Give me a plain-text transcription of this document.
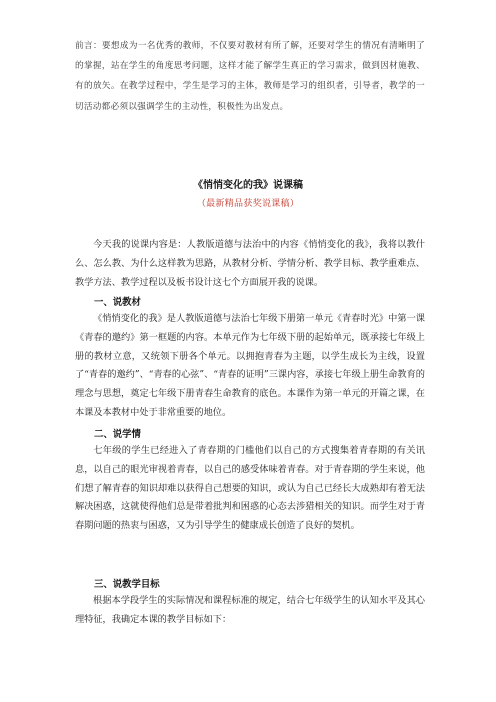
前言：要想成为一名优秀的教师，不仅要对教材有所了解，还要对学生的情况有清晰明了的掌握，站在学生的角度思考问题，这样才能了解学生真正的学习需求，做到因材施教、有的放矢。在教学过程中，学生是学习的主体，教师是学习的组织者，引导者，教学的一切活动都必须以强调学生的主动性，积极性为出发点。
《悄悄变化的我》说课稿
（最新精品获奖说课稿）
今天我的说课内容是：人教版道德与法治中的内容《悄悄变化的我》，我将以教什么、怎么教、为什么这样教为思路，从教材分析、学情分析、教学目标、教学重难点、教学方法、教学过程以及板书设计这七个方面展开我的说课。
一、说教材
《悄悄变化的我》是人教版道德与法治七年级下册第一单元《青春时光》中第一课《青春的邀约》第一框题的内容。本单元作为七年级下册的起始单元，既承接七年级上册的教材立意，又统领下册各个单元。以拥抱青春为主题，以学生成长为主线，设置了“青春的邀约”、“青春的心弦”、“青春的证明”三课内容，承接七年级上册生命教育的理念与思想，奠定七年级下册青春生命教育的底色。本课作为第一单元的开篇之课，在本课及本教材中处于非常重要的地位。
二、说学情
七年级的学生已经进入了青春期的门槛他们以自己的方式搜集着青春期的有关讯息，以自己的眼光审视着青春，以自己的感受体味着青春。对于青春期的学生来说，他们想了解青春的知识却难以获得自己想要的知识，或认为自己已经长大成熟却有着无法解决困惑，这就使得他们总是带着批判和困惑的心态去涉猎相关的知识。而学生对于青春期问题的热衷与困惑，又为引导学生的健康成长创造了良好的契机。
三、说教学目标
根据本学段学生的实际情况和课程标准的规定，结合七年级学生的认知水平及其心理特征，我确定本课的教学目标如下：
